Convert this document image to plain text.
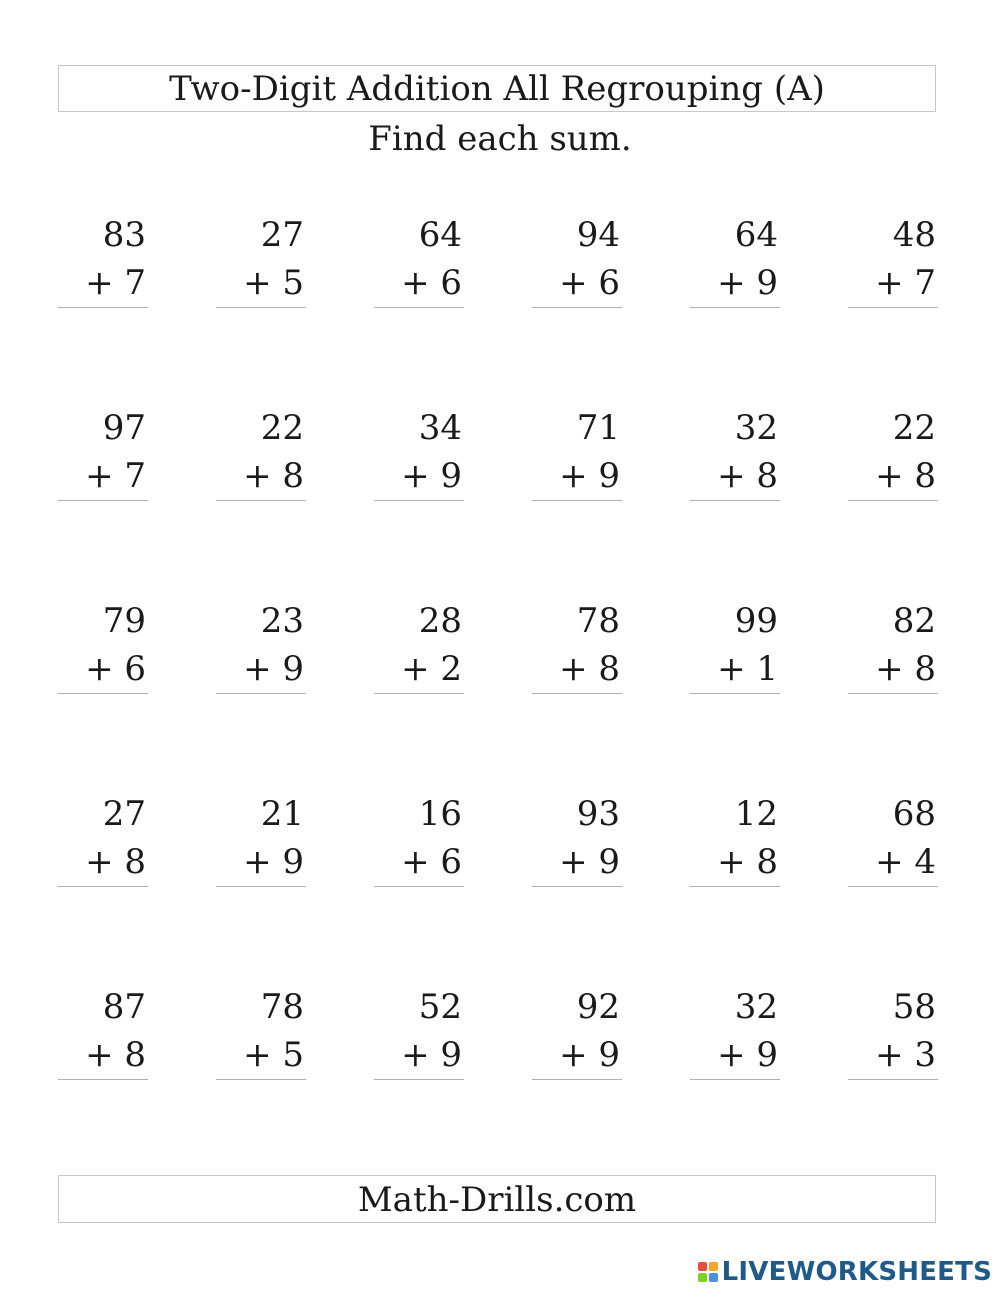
Two-Digit Addition All Regrouping (A)
Find each sum.
83
+ 7
27
+ 5
64
+ 6
94
+ 6
64
+ 9
48
+ 7
97
+ 7
22
+ 8
34
+ 9
71
+ 9
32
+ 8
22
+ 8
79
+ 6
23
+ 9
28
+ 2
78
+ 8
99
+ 1
82
+ 8
27
+ 8
21
+ 9
16
+ 6
93
+ 9
12
+ 8
68
+ 4
87
+ 8
78
+ 5
52
+ 9
92
+ 9
32
+ 9
58
+ 3
Math-Drills.com
LIVEWORKSHEETS
